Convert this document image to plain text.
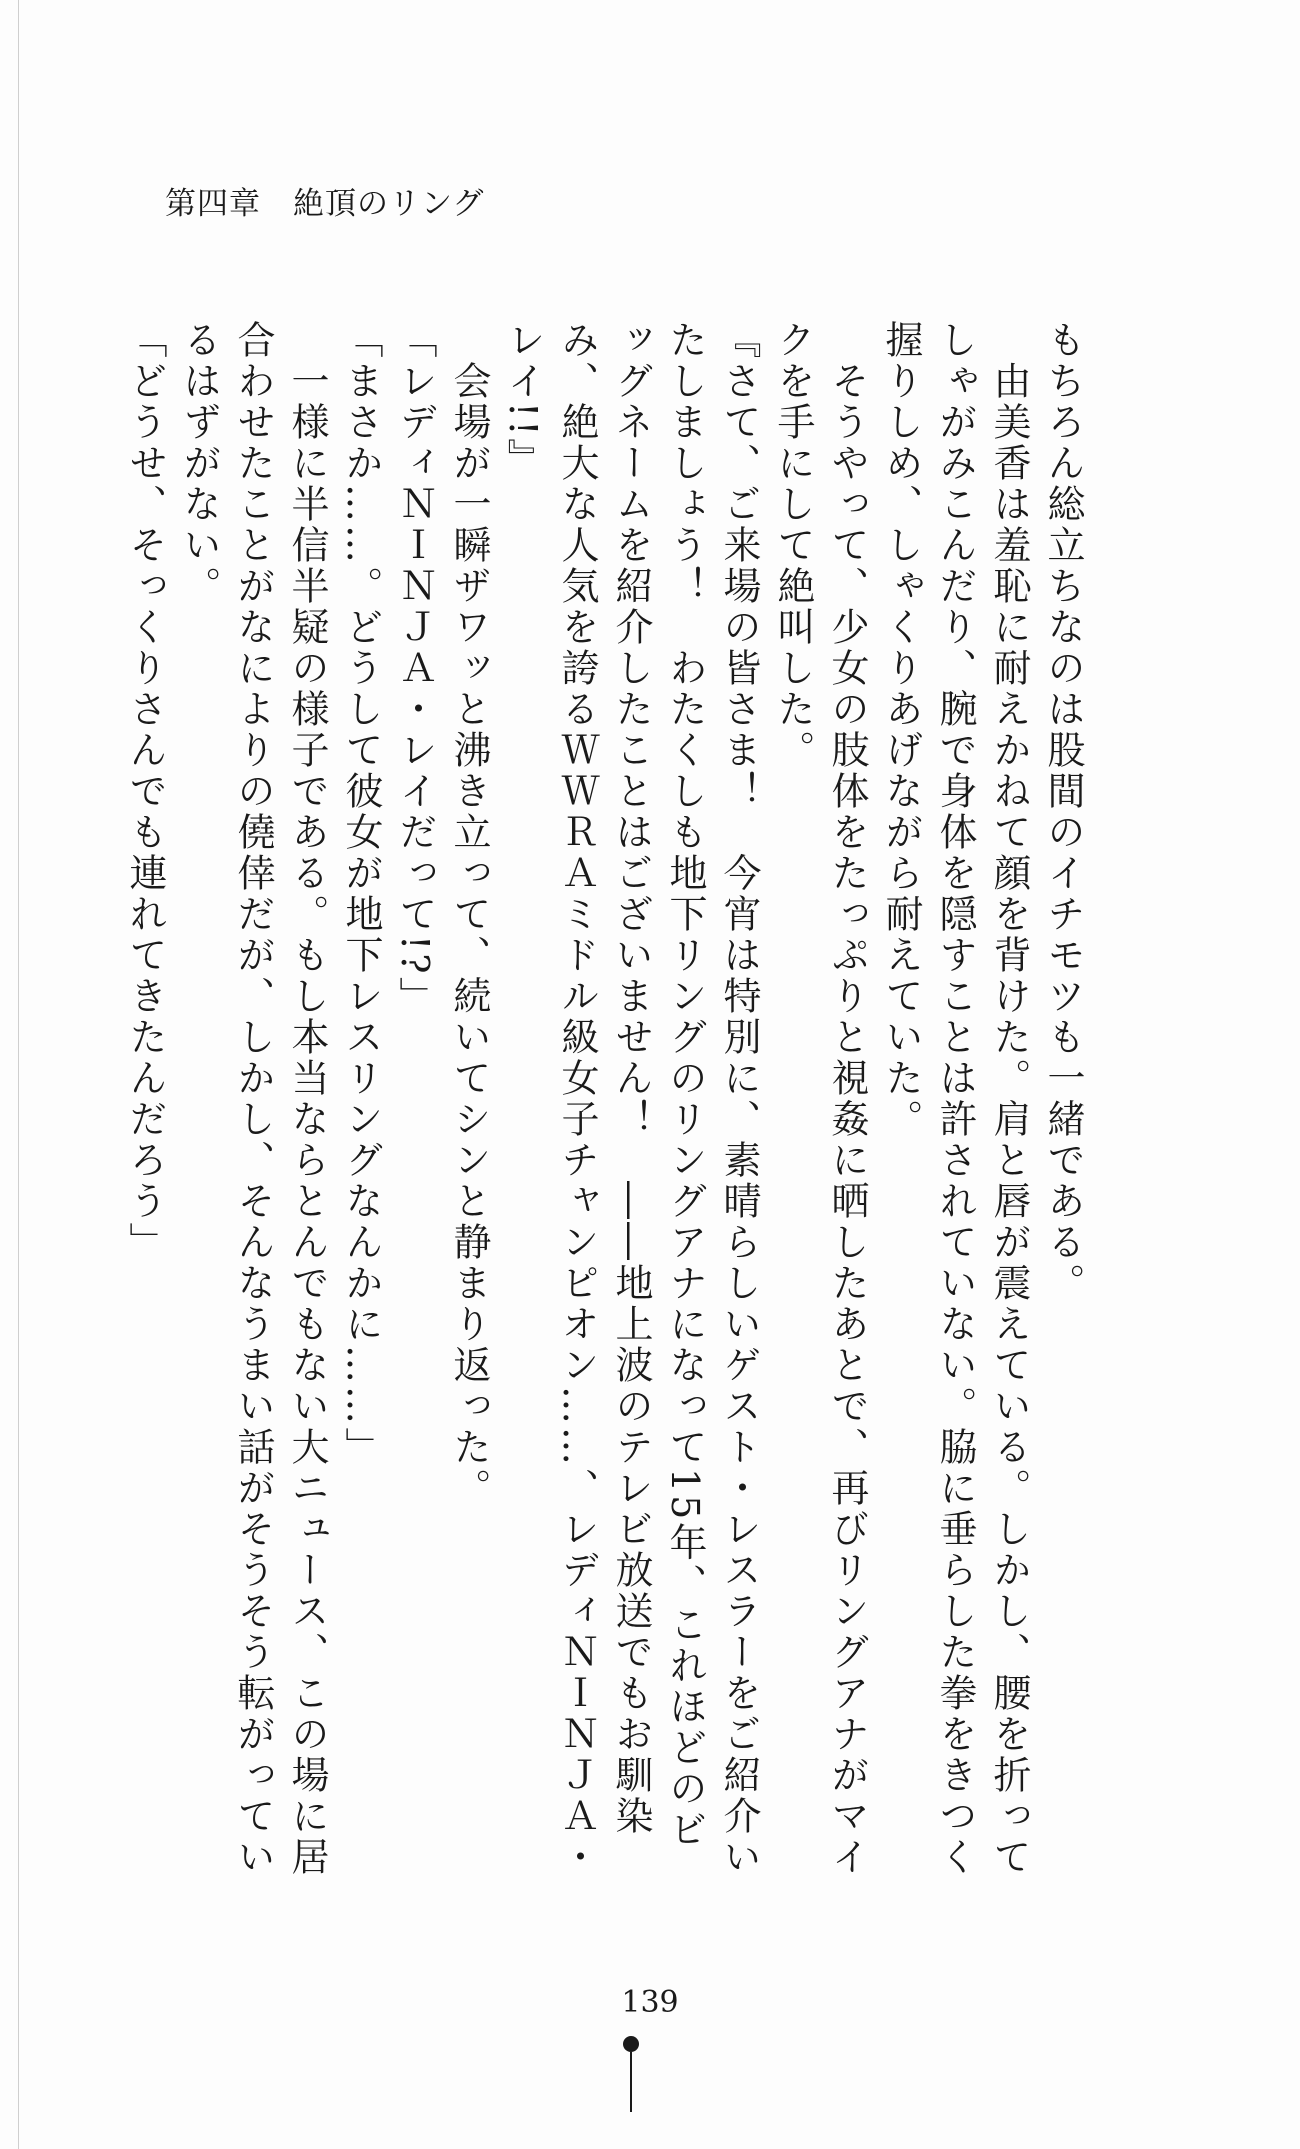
第四章　絶頂のリング

もちろん総立ちなのは股間のイチモツも一緒である。

　由美香は羞恥に耐えかねて顔を背けた。肩と唇が震えている。しかし、腰を折ってしゃがみこんだり、腕で身体を隠すことは許されていない。脇に垂らした拳をきつく握りしめ、しゃくりあげながら耐えていた。

　そうやって、少女の肢体をたっぷりと視姦に晒したあとで、再びリングアナがマイクを手にして絶叫した。

『さて、ご来場の皆さま！　今宵は特別に、素晴らしいゲスト・レスラーをご紹介いたしましょう！　わたくしも地下リングのリングアナになって15年、これほどのビッグネームを紹介したことはございません！　――地上波のテレビ放送でもお馴染み、絶大な人気を誇るＷＷＲＡミドル級女子チャンピオン……、レディＮＩＮＪＡ・レイ!!』

　会場が一瞬ザワッと沸き立って、続いてシンと静まり返った。

「レディＮＩＮＪＡ・レイだって!?」

「まさか……。どうして彼女が地下レスリングなんかに……」

　一様に半信半疑の様子である。もし本当ならとんでもない大ニュース、この場に居合わせたことがなによりの僥倖だが、しかし、そんなうまい話がそうそう転がっているはずがない。

「どうせ、そっくりさんでも連れてきたんだろう」

139
